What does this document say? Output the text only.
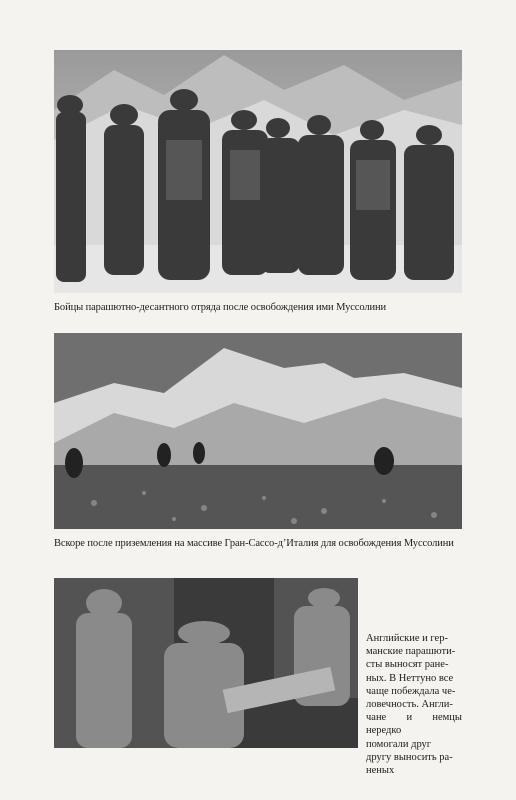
Бойцы парашютно-десантного отряда после освобождения ими Муссолини
Вскоре после приземления на массиве Гран-Сассо-д’Италия для освобождения Муссолини
Английские и гер-
манские парашюти-
сты выносят ране-
ных. В Неттуно все
чаще побеждала че-
ловечность. Англи-
чане и немцы нередко
помогали друг
другу выносить ра-
неных
